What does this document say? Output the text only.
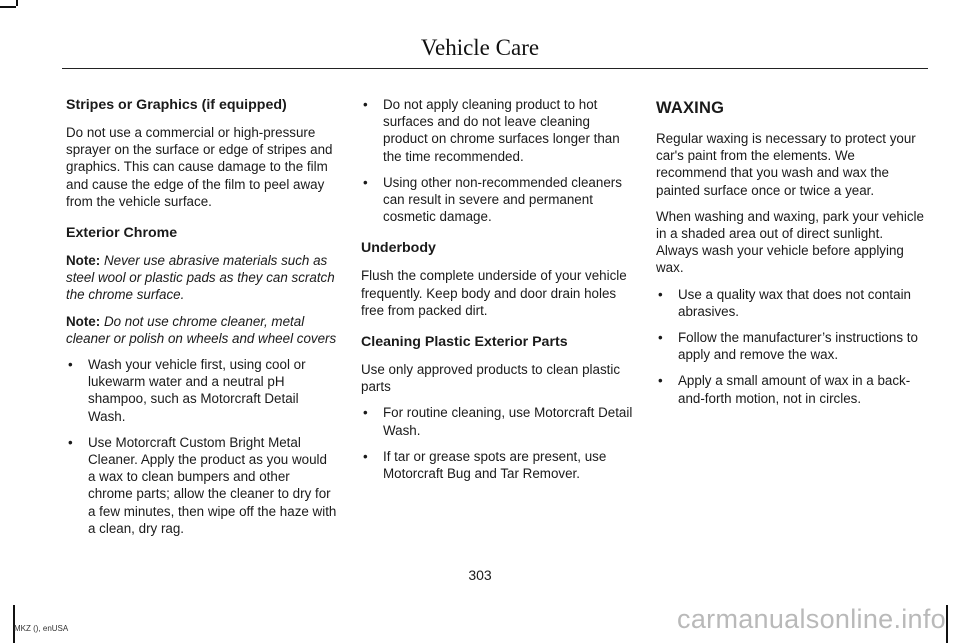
Vehicle Care
Stripes or Graphics (if equipped)

Do not use a commercial or high-pressure sprayer on the surface or edge of stripes and graphics. This can cause damage to the film and cause the edge of the film to peel away from the vehicle surface.

Exterior Chrome

Note: Never use abrasive materials such as steel wool or plastic pads as they can scratch the chrome surface.

Note: Do not use chrome cleaner, metal cleaner or polish on wheels and wheel covers

• Wash your vehicle first, using cool or lukewarm water and a neutral pH shampoo, such as Motorcraft Detail Wash.
• Use Motorcraft Custom Bright Metal Cleaner. Apply the product as you would a wax to clean bumpers and other chrome parts; allow the cleaner to dry for a few minutes, then wipe off the haze with a clean, dry rag.
• Do not apply cleaning product to hot surfaces and do not leave cleaning product on chrome surfaces longer than the time recommended.
• Using other non-recommended cleaners can result in severe and permanent cosmetic damage.
Underbody

Flush the complete underside of your vehicle frequently. Keep body and door drain holes free from packed dirt.

Cleaning Plastic Exterior Parts

Use only approved products to clean plastic parts

• For routine cleaning, use Motorcraft Detail Wash.
• If tar or grease spots are present, use Motorcraft Bug and Tar Remover.
WAXING

Regular waxing is necessary to protect your car's paint from the elements. We recommend that you wash and wax the painted surface once or twice a year.

When washing and waxing, park your vehicle in a shaded area out of direct sunlight. Always wash your vehicle before applying wax.

• Use a quality wax that does not contain abrasives.
• Follow the manufacturer’s instructions to apply and remove the wax.
• Apply a small amount of wax in a back-and-forth motion, not in circles.
303
MKZ (), enUSA	carmanualsonline.info
